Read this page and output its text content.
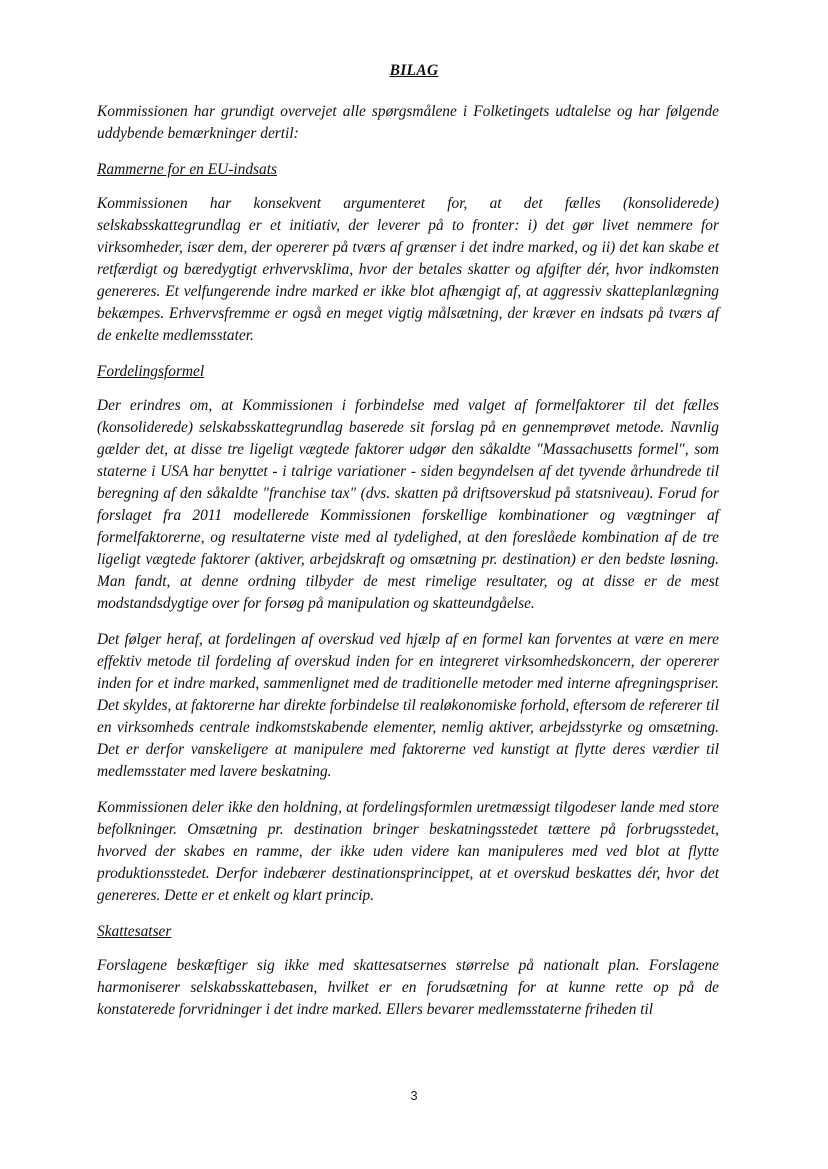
BILAG

Kommissionen har grundigt overvejet alle spørgsmålene i Folketingets udtalelse og har følgende uddybende bemærkninger dertil:

Rammerne for en EU-indsats

Kommissionen har konsekvent argumenteret for, at det fælles (konsoliderede) selskabsskattegrundlag er et initiativ, der leverer på to fronter: i) det gør livet nemmere for virksomheder, især dem, der opererer på tværs af grænser i det indre marked, og ii) det kan skabe et retfærdigt og bæredygtigt erhvervsklima, hvor der betales skatter og afgifter dér, hvor indkomsten genereres. Et velfungerende indre marked er ikke blot afhængigt af, at aggressiv skatteplanlægning bekæmpes. Erhvervsfremme er også en meget vigtig målsætning, der kræver en indsats på tværs af de enkelte medlemsstater.

Fordelingsformel

Der erindres om, at Kommissionen i forbindelse med valget af formelfaktorer til det fælles (konsoliderede) selskabsskattegrundlag baserede sit forslag på en gennemprøvet metode. Navnlig gælder det, at disse tre ligeligt vægtede faktorer udgør den såkaldte "Massachusetts formel", som staterne i USA har benyttet - i talrige variationer - siden begyndelsen af det tyvende århundrede til beregning af den såkaldte "franchise tax" (dvs. skatten på driftsoverskud på statsniveau). Forud for forslaget fra 2011 modellerede Kommissionen forskellige kombinationer og vægtninger af formelfaktorerne, og resultaterne viste med al tydelighed, at den foreslåede kombination af de tre ligeligt vægtede faktorer (aktiver, arbejdskraft og omsætning pr. destination) er den bedste løsning. Man fandt, at denne ordning tilbyder de mest rimelige resultater, og at disse er de mest modstandsdygtige over for forsøg på manipulation og skatteundgåelse.

Det følger heraf, at fordelingen af overskud ved hjælp af en formel kan forventes at være en mere effektiv metode til fordeling af overskud inden for en integreret virksomhedskoncern, der opererer inden for et indre marked, sammenlignet med de traditionelle metoder med interne afregningspriser. Det skyldes, at faktorerne har direkte forbindelse til realøkonomiske forhold, eftersom de refererer til en virksomheds centrale indkomstskabende elementer, nemlig aktiver, arbejdsstyrke og omsætning. Det er derfor vanskeligere at manipulere med faktorerne ved kunstigt at flytte deres værdier til medlemsstater med lavere beskatning.

Kommissionen deler ikke den holdning, at fordelingsformlen uretmæssigt tilgodeser lande med store befolkninger. Omsætning pr. destination bringer beskatningsstedet tættere på forbrugsstedet, hvorved der skabes en ramme, der ikke uden videre kan manipuleres med ved blot at flytte produktionsstedet. Derfor indebærer destinationsprincippet, at et overskud beskattes dér, hvor det genereres. Dette er et enkelt og klart princip.

Skattesatser

Forslagene beskæftiger sig ikke med skattesatsernes størrelse på nationalt plan. Forslagene harmoniserer selskabsskattebasen, hvilket er en forudsætning for at kunne rette op på de konstaterede forvridninger i det indre marked. Ellers bevarer medlemsstaterne friheden til

3
